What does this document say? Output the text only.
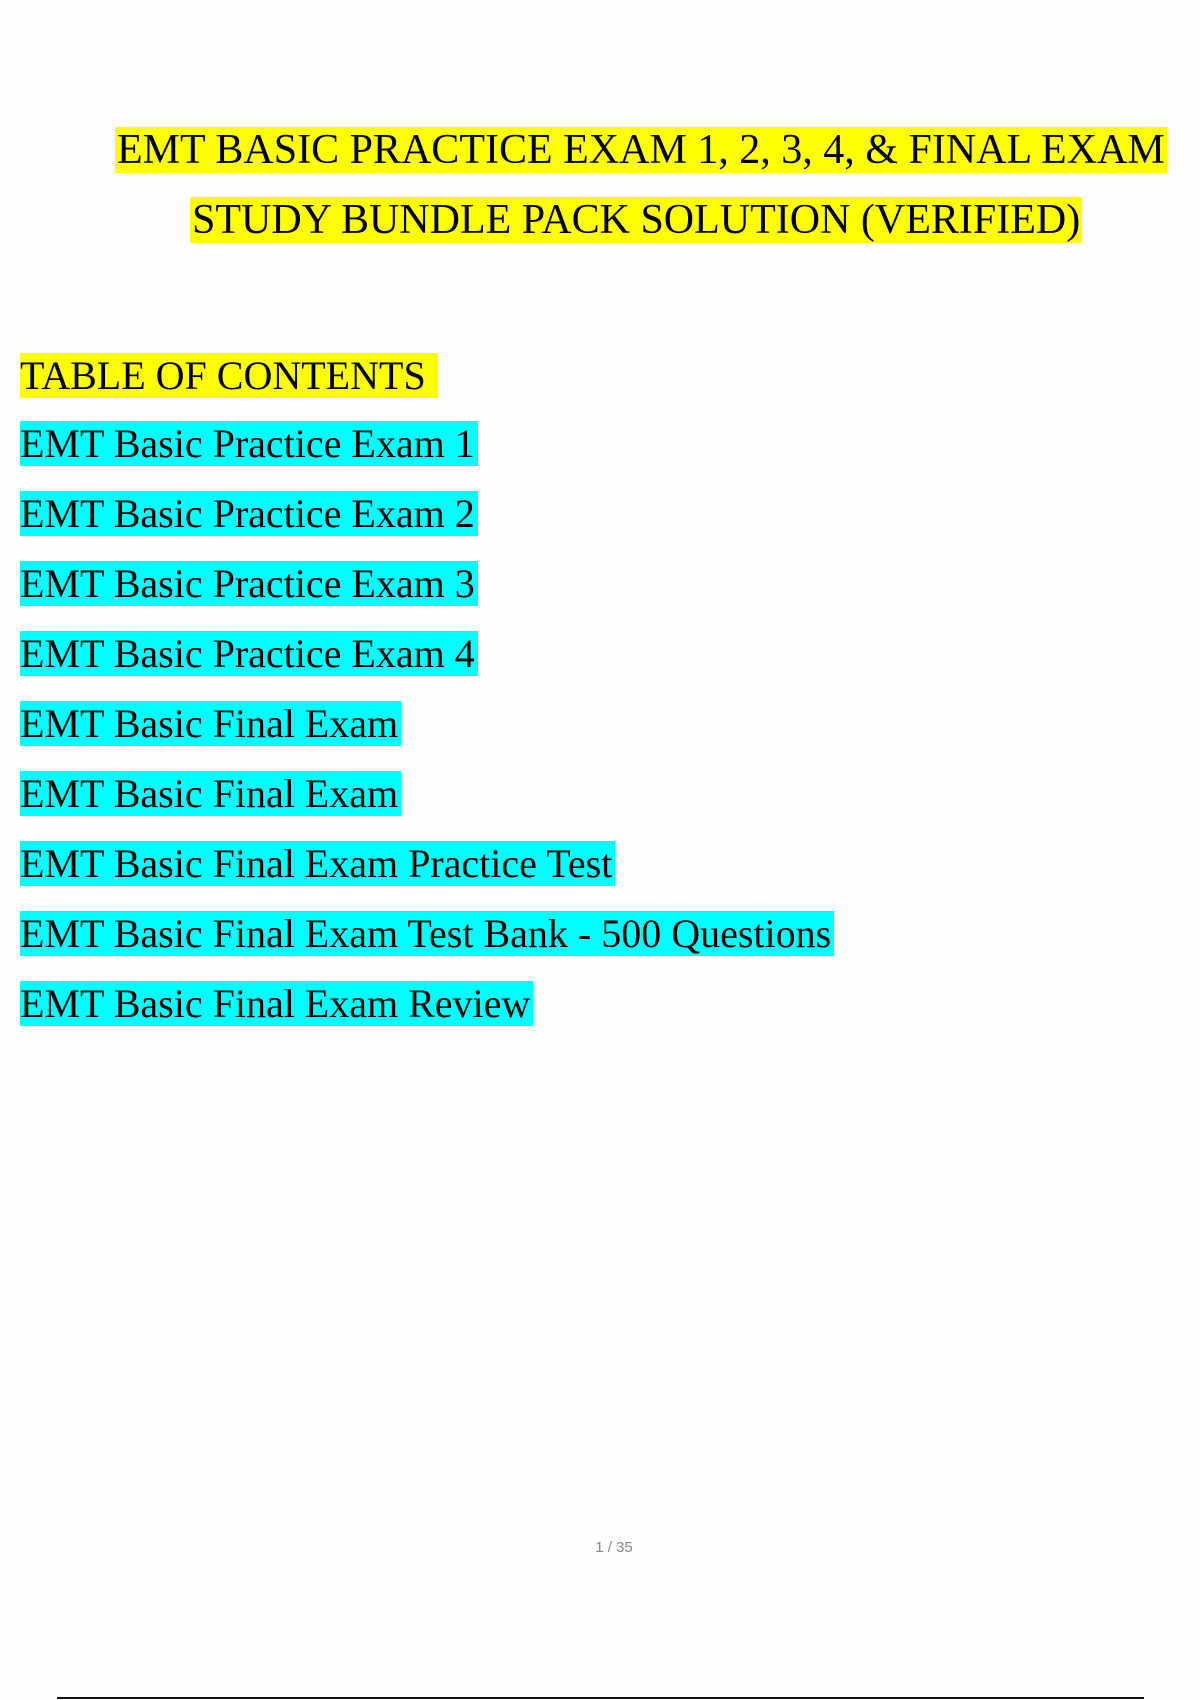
EMT BASIC PRACTICE EXAM 1, 2, 3, 4, & FINAL EXAM
STUDY BUNDLE PACK SOLUTION (VERIFIED)
TABLE OF CONTENTS
EMT Basic Practice Exam 1
EMT Basic Practice Exam 2
EMT Basic Practice Exam 3
EMT Basic Practice Exam 4
EMT Basic Final Exam
EMT Basic Final Exam
EMT Basic Final Exam Practice Test
EMT Basic Final Exam Test Bank - 500 Questions
EMT Basic Final Exam Review
1 / 35
